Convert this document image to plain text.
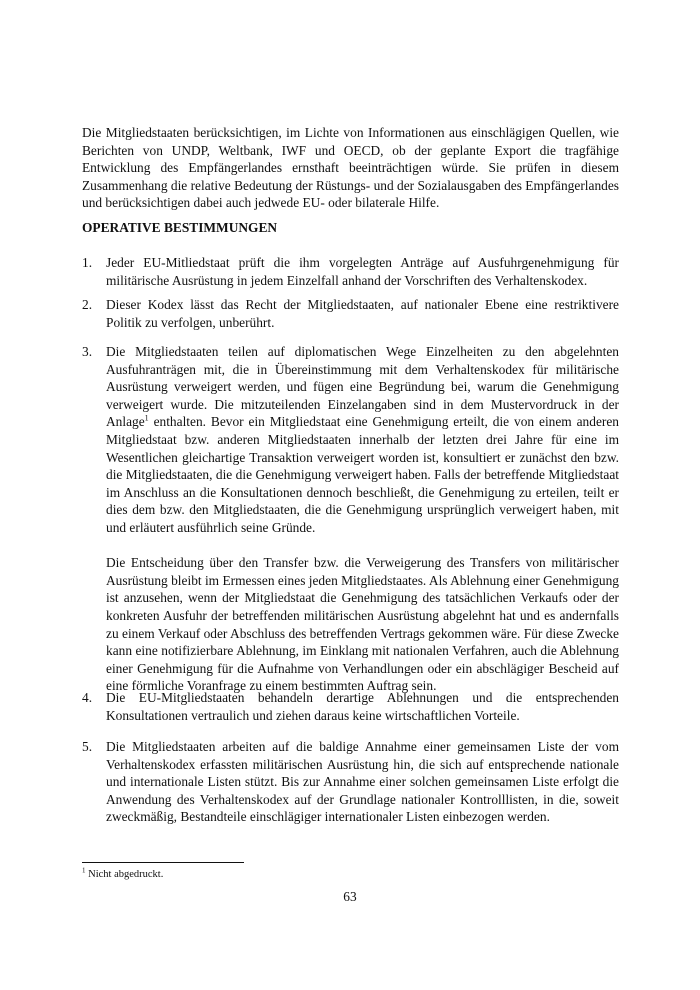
Die Mitgliedstaaten berücksichtigen, im Lichte von Informationen aus einschlägigen Quellen, wie Berichten von UNDP, Weltbank, IWF und OECD, ob der geplante Export die tragfähige Entwicklung des Empfängerlandes ernsthaft beeinträchtigen würde. Sie prüfen in diesem Zusammenhang die relative Bedeutung der Rüstungs- und der Sozialausgaben des Empfängerlandes und berücksichtigen dabei auch jedwede EU- oder bilaterale Hilfe.
OPERATIVE BESTIMMUNGEN
1.	Jeder EU-Mitliedstaat prüft die ihm vorgelegten Anträge auf Ausfuhrgenehmigung für militärische Ausrüstung in jedem Einzelfall anhand der Vorschriften des Verhaltenskodex.

2.	Dieser Kodex lässt das Recht der Mitgliedstaaten, auf nationaler Ebene eine restriktivere Politik zu verfolgen, unberührt.

3.	Die Mitgliedstaaten teilen auf diplomatischen Wege Einzelheiten zu den abgelehnten Ausfuhranträgen mit, die in Übereinstimmung mit dem Verhaltenskodex für militärische Ausrüstung verweigert werden, und fügen eine Begründung bei, warum die Genehmigung verweigert wurde. Die mitzuteilenden Einzelangaben sind in dem Mustervordruck in der Anlage$^1$ enthalten. Bevor ein Mitgliedstaat eine Genehmigung erteilt, die von einem anderen Mitgliedstaat bzw. anderen Mitgliedstaaten innerhalb der letzten drei Jahre für eine im Wesentlichen gleichartige Transaktion verweigert worden ist, konsultiert er zunächst den bzw. die Mitgliedstaaten, die die Genehmigung verweigert haben. Falls der betreffende Mitgliedstaat im Anschluss an die Konsultationen dennoch beschließt, die Genehmigung zu erteilen, teilt er dies dem bzw. den Mitgliedstaaten, die die Genehmigung ursprünglich verweigert haben, mit und erläutert ausführlich seine Gründe.

Die Entscheidung über den Transfer bzw. die Verweigerung des Transfers von militärischer Ausrüstung bleibt im Ermessen eines jeden Mitgliedstaates. Als Ablehnung einer Genehmigung ist anzusehen, wenn der Mitgliedstaat die Genehmigung des tatsächlichen Verkaufs oder der konkreten Ausfuhr der betreffenden militärischen Ausrüstung abgelehnt hat und es andernfalls zu einem Verkauf oder Abschluss des betreffenden Vertrags gekommen wäre. Für diese Zwecke kann eine notifizierbare Ablehnung, im Einklang mit nationalen Verfahren, auch die Ablehnung einer Genehmigung für die Aufnahme von Verhandlungen oder ein abschlägiger Bescheid auf eine förmliche Voranfrage zu einem bestimmten Auftrag sein.

4.	Die EU-Mitgliedstaaten behandeln derartige Ablehnungen und die entsprechenden Konsultationen vertraulich und ziehen daraus keine wirtschaftlichen Vorteile.

5.	Die Mitgliedstaaten arbeiten auf die baldige Annahme einer gemeinsamen Liste der vom Verhaltenskodex erfassten militärischen Ausrüstung hin, die sich auf entsprechende nationale und internationale Listen stützt. Bis zur Annahme einer solchen gemeinsamen Liste erfolgt die Anwendung des Verhaltenskodex auf der Grundlage nationaler Kontrolllisten, in die, soweit zweckmäßig, Bestandteile einschlägiger internationaler Listen einbezogen werden.

$^1$ Nicht abgedruckt.
63
